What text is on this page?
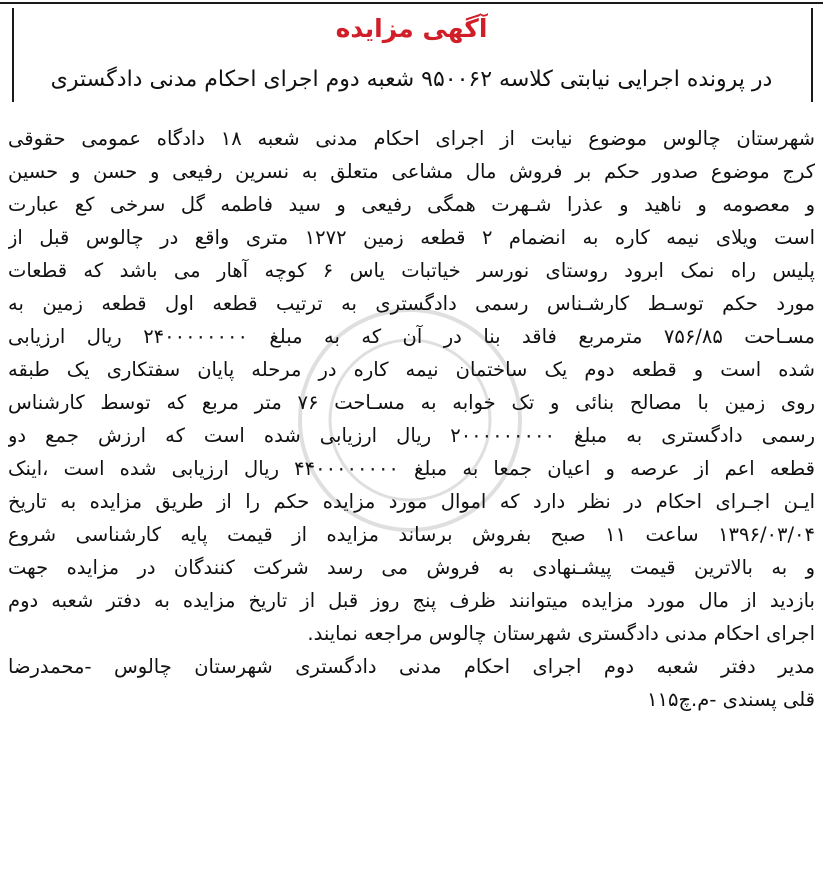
آگهی مزایده
در پرونده اجرایی نیابتی کلاسه ۹۵۰۰۶۲ شعبه دوم اجرای احکام مدنی دادگستری
شهرستان چالوس موضوع نیابت از اجرای احکام مدنی شعبه ۱۸ دادگاه عمومی حقوقی
کرج موضوع صدور حکم بر فروش مال مشاعی متعلق به نسرین رفیعی و حسن و حسین
و معصومه و ناهید و عذرا شـهرت همگی رفیعی و سید فاطمه گل سرخی کع عبارت
است ویلای نیمه کاره به انضمام ۲ قطعه زمین ۱۲۷۲ متری واقع در چالوس قبل از
پلیس راه نمک ابرود روستای نورسر خیاتبات یاس ۶ کوچه آهار می باشد که قطعات
مورد حکم توسـط کارشـناس رسمی دادگستری به ترتیب قطعه اول قطعه زمین به
مسـاحت ۷۵۶/۸۵ مترمربع فاقد بنا در آن که به مبلغ ۲۴۰۰۰۰۰۰۰۰ ریال ارزیابی
شده است و قطعه دوم یک ساختمان نیمه کاره در مرحله پایان سفتکاری یک طبقه
روی زمین با مصالح بنائی و تک خوابه به مسـاحت ۷۶ متر مربع که توسط کارشناس
رسمی دادگستری به مبلغ ۲۰۰۰۰۰۰۰۰۰ ریال ارزیابی شده است که ارزش جمع دو
قطعه اعم از عرصه و اعیان جمعا به مبلغ ۴۴۰۰۰۰۰۰۰۰ ریال ارزیابی شده است ،اینک
ایـن اجـرای احکام در نظر دارد که اموال مورد مزایده حکم را از طریق مزایده به تاریخ
۱۳۹۶/۰۳/۰۴ ساعت ۱۱ صبح بفروش برساند مزایده از قیمت پایه کارشناسی شروع
و به بالاترین قیمت پیشـنهادی به فروش می رسد شرکت کنندگان در مزایده جهت
بازدید از مال مورد مزایده میتوانند ظرف پنج روز قبل از تاریخ مزایده به دفتر شعبه دوم
اجرای احکام مدنی دادگستری شهرستان چالوس مراجعه نمایند.
مدیر دفتر شعبه دوم اجرای احکام مدنی دادگستری شهرستان چالوس -محمدرضا
قلی پسندی -م.چ۱۱۵
